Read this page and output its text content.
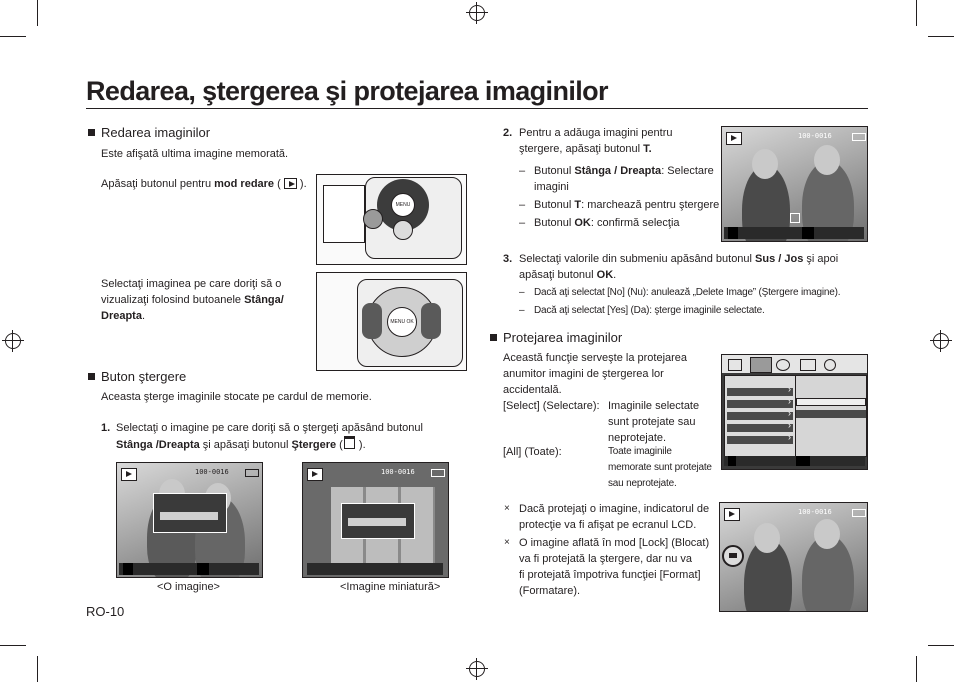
Redarea, ştergerea şi protejarea imaginilor
Redarea imaginilor
Este afişată ultima imagine memorată.
Apăsaţi butonul pentru mod redare (  ).
MENU
Selectaţi imaginea pe care doriţi să o
vizualizaţi folosind butoanele Stânga/
Dreapta.	MENU OK
Buton ştergere
Aceasta şterge imaginile stocate pe cardul de memorie.
1. Selectaţi o imagine pe care doriţi să o ştergeţi apăsând butonul
Stânga /Dreapta şi apăsaţi butonul Ştergere ( ).
100-0016
<O imagine>
100-0016
<Imagine miniatură>
RO-10
2. Pentru a adăuga imagini pentru
ştergere, apăsaţi butonul T.
– Butonul Stânga / Dreapta: Selectare
imagini
– Butonul T: marchează pentru ştergere
– Butonul OK: confirmă selecţia
100-0016
3. Selectaţi valorile din submeniu apăsând butonul Sus / Jos şi apoi
apăsaţi butonul OK.
– Dacă aţi selectat [No] (Nu): anulează „Delete Image” (Ştergere imagine).
– Dacă aţi selectat [Yes] (Da): şterge imaginile selectate.
Protejarea imaginilor
Această funcţie serveşte la protejarea
anumitor imagini de ştergerea lor
accidentală.
[Select] (Selectare): Imaginile selectate
sunt protejate sau
neprotejate.
[All] (Toate):	Toate imaginile
memorate sunt protejate
sau neprotejate.
›
›
›
›
›
× Dacă protejaţi o imagine, indicatorul de
protecţie va fi afişat pe ecranul LCD.
× O imagine aflată în mod [Lock] (Blocat)
va fi protejată la ştergere, dar nu va
fi protejată împotriva funcţiei [Format]
(Formatare).
100-0016
